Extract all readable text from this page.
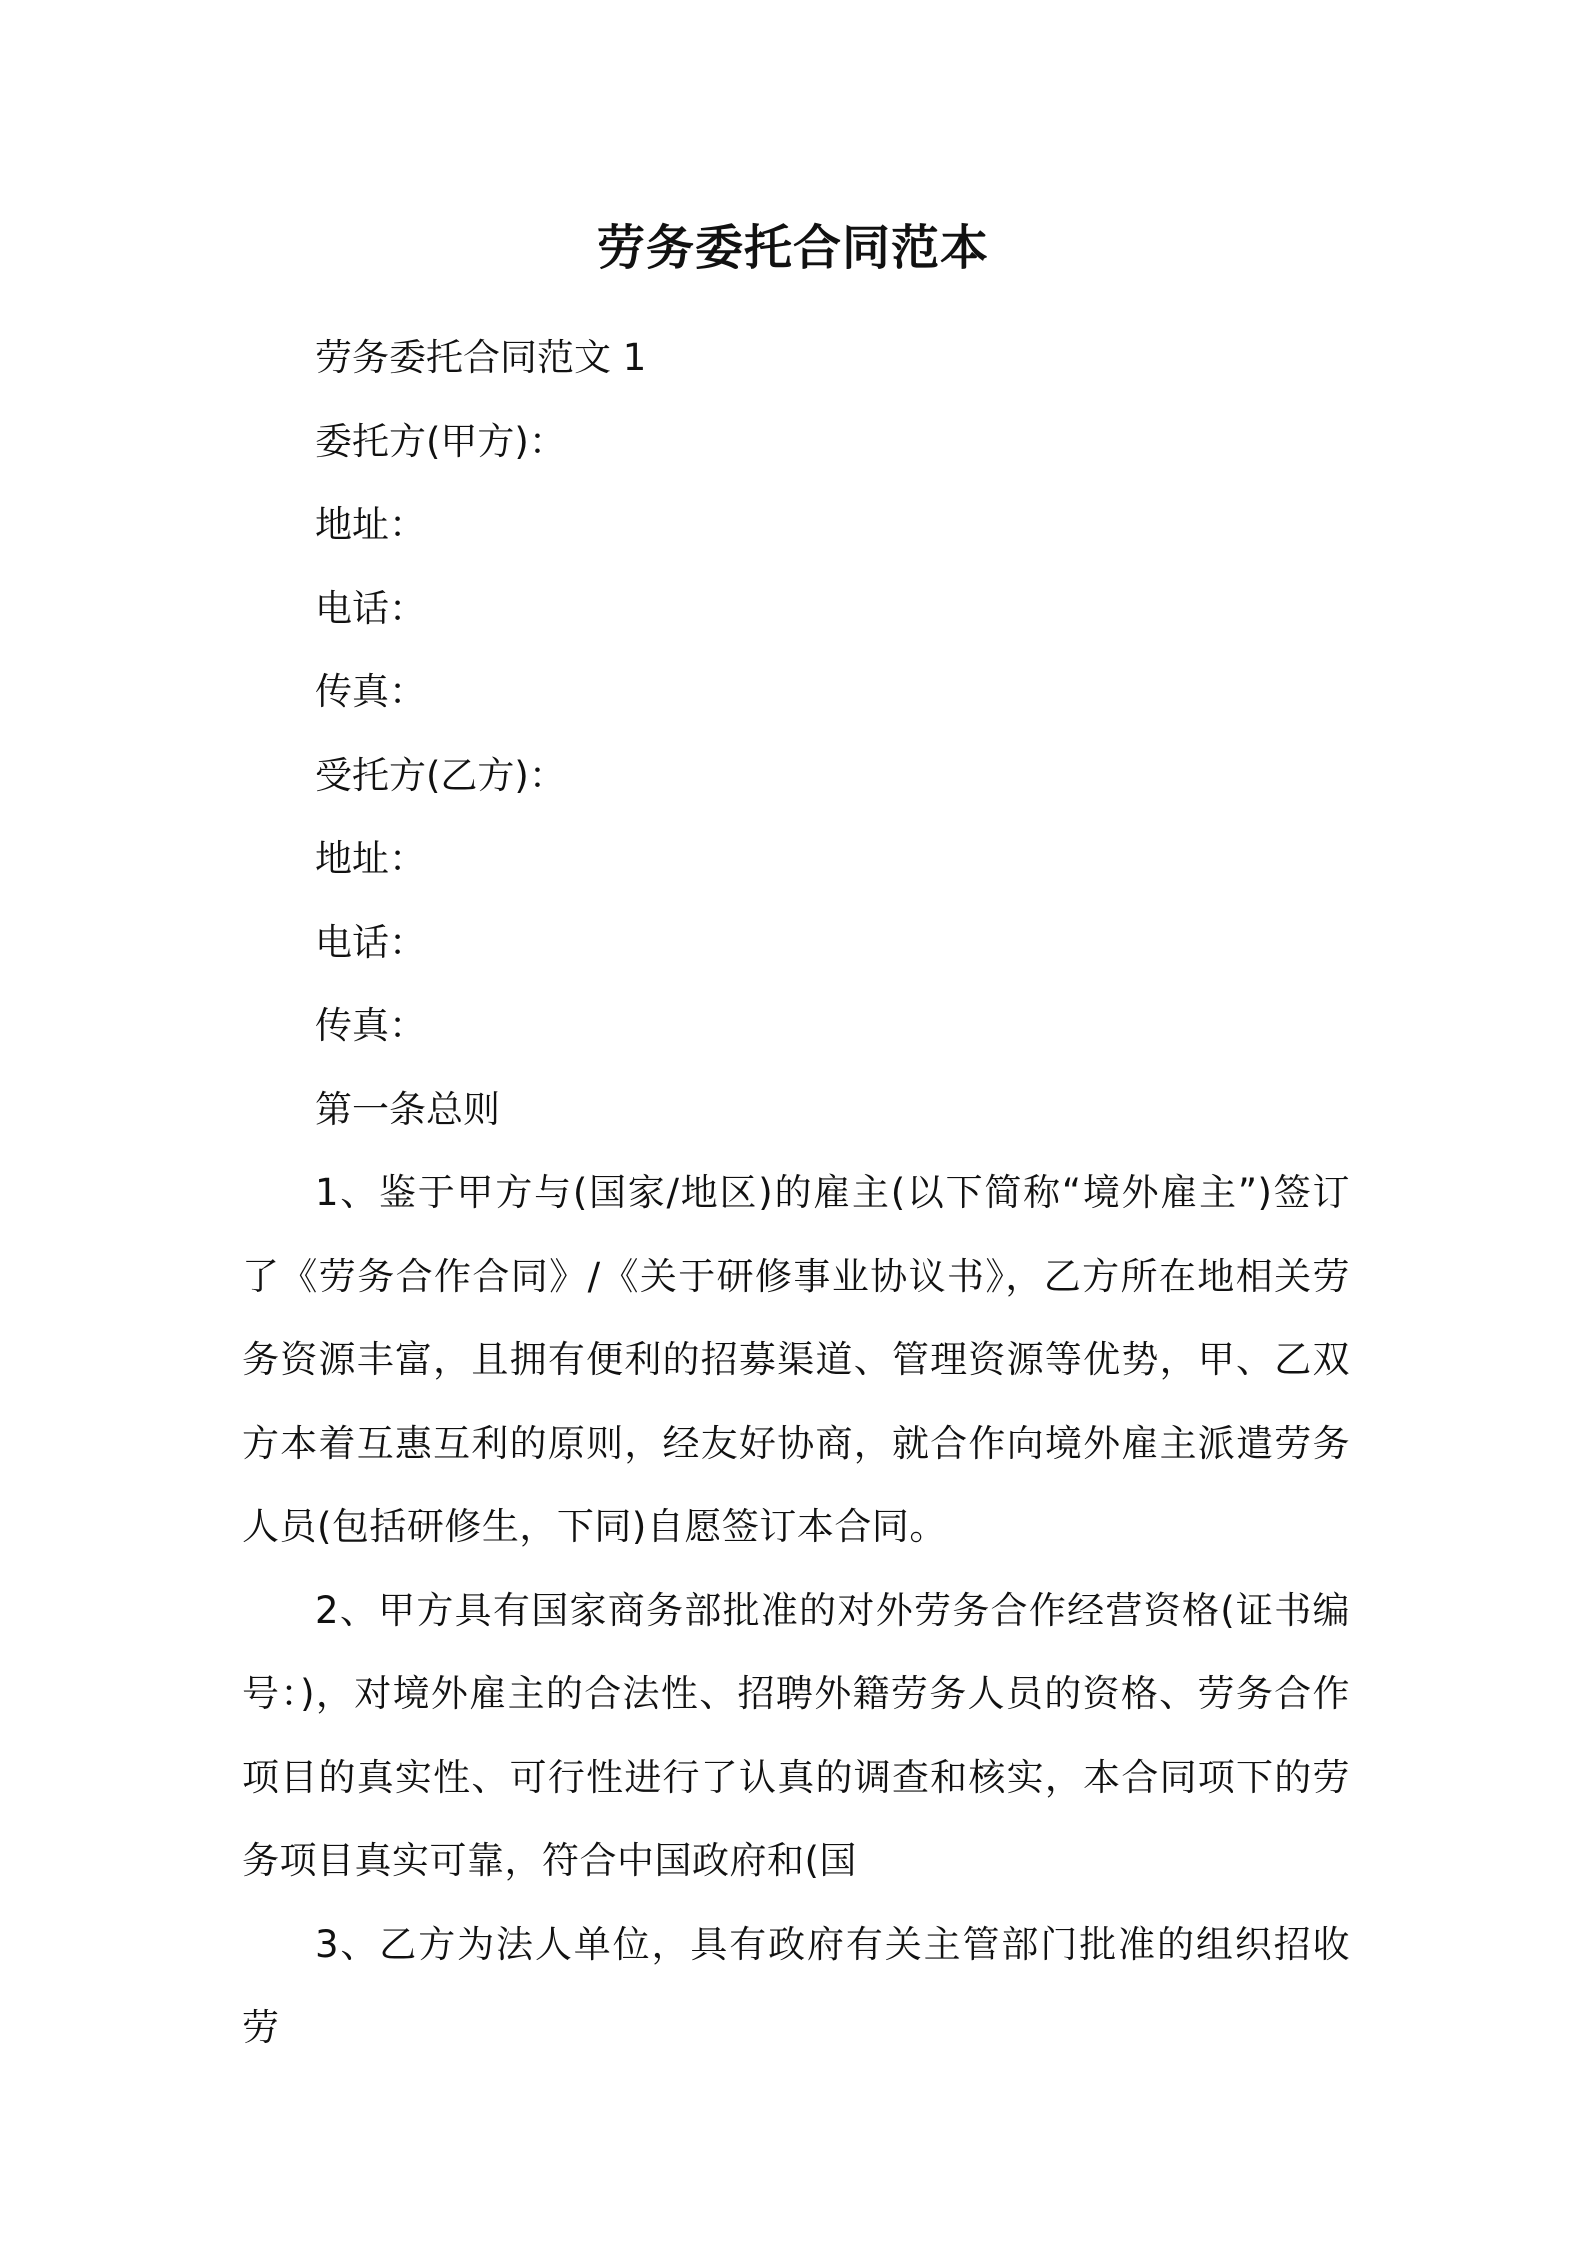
劳务委托合同范本
劳务委托合同范文 1
委托方(甲方)：
地址：
电话：
传真：
受托方(乙方)：
地址：
电话：
传真：
第一条总则

1、鉴于甲方与(国家/地区)的雇主(以下简称“境外雇主”)签订了《劳务合作合同》/《关于研修事业协议书》，乙方所在地相关劳务资源丰富，且拥有便利的招募渠道、管理资源等优势，甲、乙双方本着互惠互利的原则，经友好协商，就合作向境外雇主派遣劳务人员(包括研修生，下同)自愿签订本合同。

2、甲方具有国家商务部批准的对外劳务合作经营资格(证书编号：)，对境外雇主的合法性、招聘外籍劳务人员的资格、劳务合作项目的真实性、可行性进行了认真的调查和核实，本合同项下的劳务项目真实可靠，符合中国政府和(国

3、乙方为法人单位，具有政府有关主管部门批准的组织招收劳
